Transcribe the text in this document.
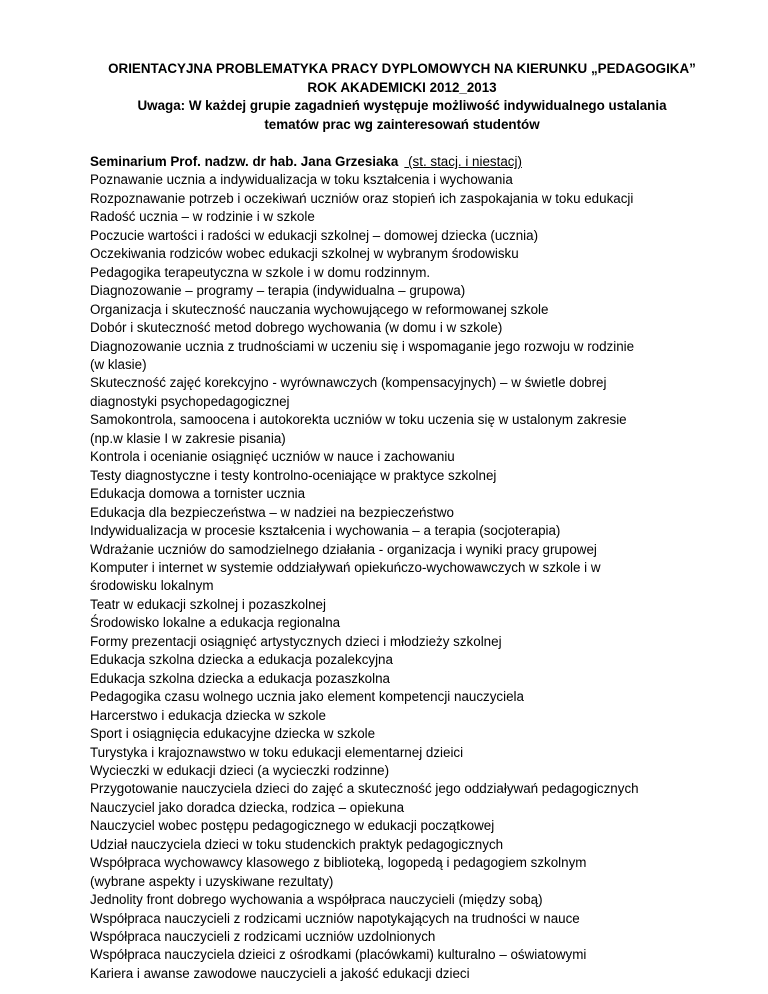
ORIENTACYJNA PROBLEMATYKA PRACY DYPLOMOWYCH NA KIERUNKU „PEDAGOGIKA”
ROK AKADEMICKI 2012_2013
Uwaga: W każdej grupie zagadnień występuje możliwość indywidualnego ustalania
tematów prac wg zainteresowań studentów
Seminarium Prof. nadzw. dr hab. Jana Grzesiaka (st. stacj. i niestacj)
Poznawanie ucznia a indywidualizacja w toku kształcenia i wychowania
Rozpoznawanie potrzeb i oczekiwań uczniów oraz stopień ich zaspokajania w toku edukacji
Radość ucznia – w rodzinie i w szkole
Poczucie wartości i radości w edukacji szkolnej – domowej dziecka (ucznia)
Oczekiwania rodziców wobec edukacji szkolnej w wybranym środowisku
Pedagogika terapeutyczna w szkole i w domu rodzinnym.
Diagnozowanie – programy – terapia (indywidualna – grupowa)
Organizacja i skuteczność nauczania wychowującego w reformowanej szkole
Dobór i skuteczność metod dobrego wychowania (w domu i w szkole)
Diagnozowanie ucznia z trudnościami w uczeniu się i wspomaganie jego rozwoju w rodzinie
(w klasie)
Skuteczność zajęć korekcyjno - wyrównawczych (kompensacyjnych) – w świetle dobrej
diagnostyki psychopedagogicznej
Samokontrola, samoocena i autokorekta uczniów w toku uczenia się w ustalonym zakresie
(np.w klasie I w zakresie pisania)
Kontrola i ocenianie osiągnięć uczniów w nauce i zachowaniu
Testy diagnostyczne i testy kontrolno-oceniające w praktyce szkolnej
Edukacja domowa a tornister ucznia
Edukacja dla bezpieczeństwa – w nadziei na bezpieczeństwo
Indywidualizacja w procesie kształcenia i wychowania – a terapia (socjoterapia)
Wdrażanie uczniów do samodzielnego działania - organizacja i wyniki pracy grupowej
Komputer i internet w systemie oddziaływań opiekuńczo-wychowawczych w szkole i w
środowisku lokalnym
Teatr w edukacji szkolnej i pozaszkolnej
Środowisko lokalne a edukacja regionalna
Formy prezentacji osiągnięć artystycznych dzieci i młodzieży szkolnej
Edukacja szkolna dziecka a edukacja pozalekcyjna
Edukacja szkolna dziecka a edukacja pozaszkolna
Pedagogika czasu wolnego ucznia jako element kompetencji nauczyciela
Harcerstwo i edukacja dziecka w szkole
Sport i osiągnięcia edukacyjne dziecka w szkole
Turystyka i krajoznawstwo w toku edukacji elementarnej dzieici
Wycieczki w edukacji dzieci (a wycieczki rodzinne)
Przygotowanie nauczyciela dzieci do zajęć a skuteczność jego oddziaływań pedagogicznych
Nauczyciel jako doradca dziecka, rodzica – opiekuna
Nauczyciel wobec postępu pedagogicznego w edukacji początkowej
Udział nauczyciela dzieci w toku studenckich praktyk pedagogicznych
Współpraca wychowawcy klasowego z biblioteką, logopedą i pedagogiem szkolnym
(wybrane aspekty i uzyskiwane rezultaty)
Jednolity front dobrego wychowania a współpraca nauczycieli (między sobą)
Współpraca nauczycieli z rodzicami uczniów napotykających na trudności w nauce
Współpraca nauczycieli z rodzicami uczniów uzdolnionych
Współpraca nauczyciela dzieici z ośrodkami (placówkami) kulturalno – oświatowymi
Kariera i awanse zawodowe nauczycieli a jakość edukacji dzieci
